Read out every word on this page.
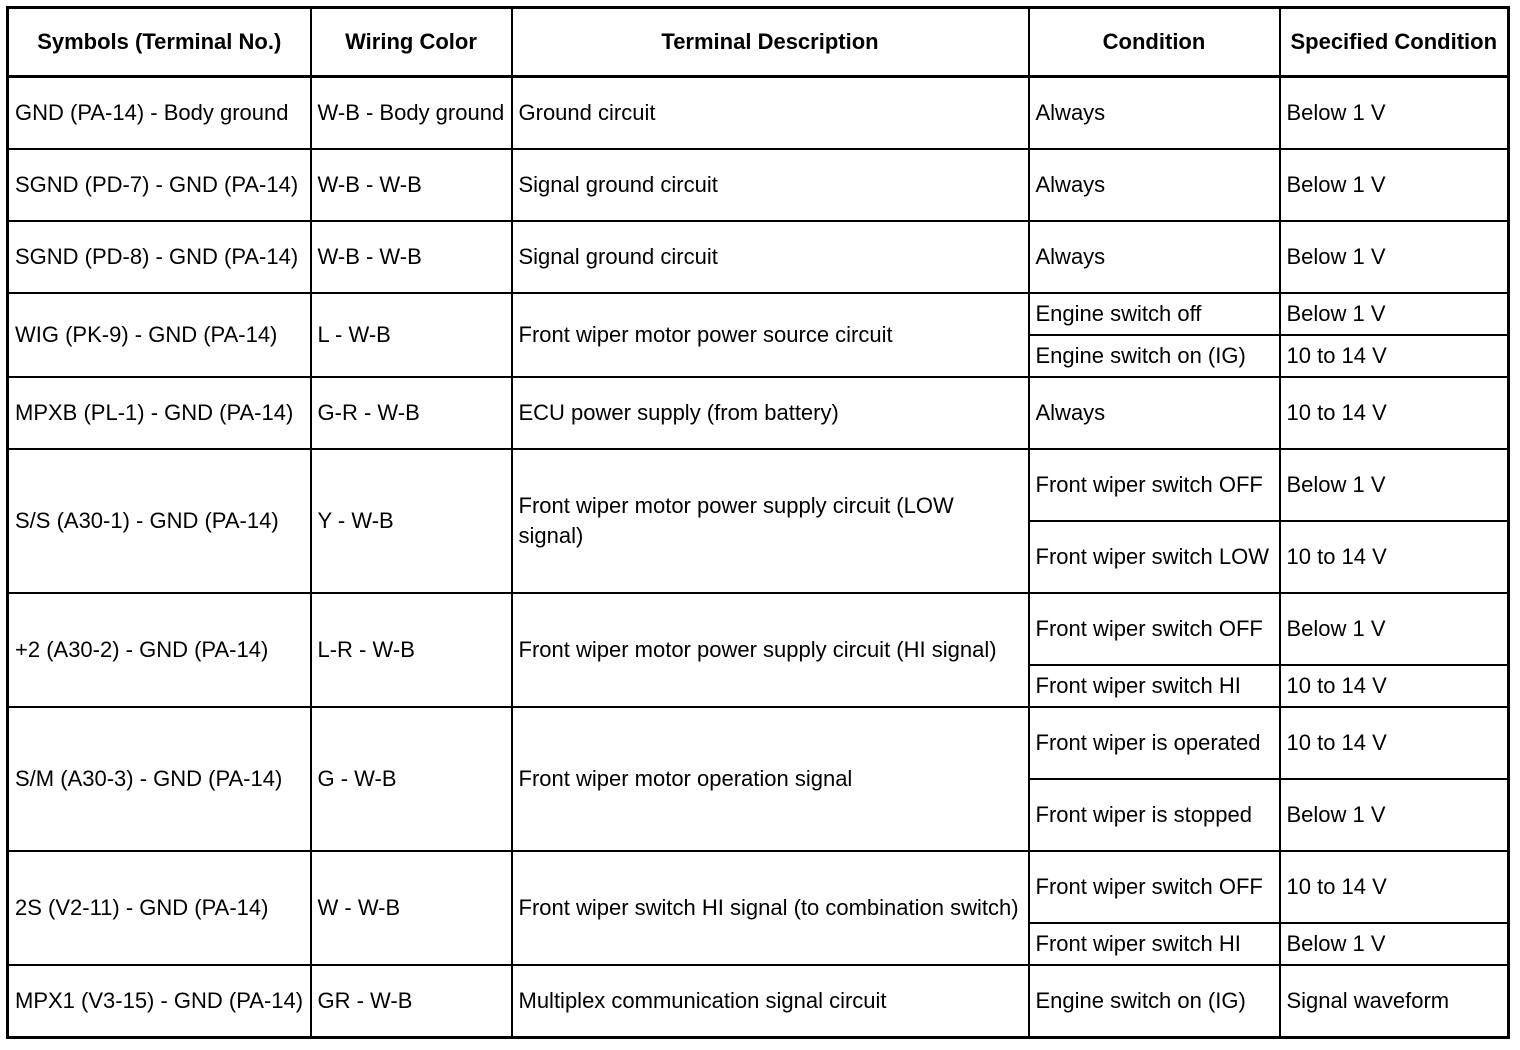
Symbols (Terminal No.)	Wiring Color	Terminal Description	Condition	Specified Condition
GND (PA-14) - Body ground	W-B - Body ground	Ground circuit	Always	Below 1 V
SGND (PD-7) - GND (PA-14)	W-B - W-B	Signal ground circuit	Always	Below 1 V
SGND (PD-8) - GND (PA-14)	W-B - W-B	Signal ground circuit	Always	Below 1 V
WIG (PK-9) - GND (PA-14)	L - W-B	Front wiper motor power source circuit	Engine switch off	Below 1 V
			Engine switch on (IG)	10 to 14 V
MPXB (PL-1) - GND (PA-14)	G-R - W-B	ECU power supply (from battery)	Always	10 to 14 V
S/S (A30-1) - GND (PA-14)	Y - W-B	Front wiper motor power supply circuit (LOW signal)	Front wiper switch OFF	Below 1 V
			Front wiper switch LOW	10 to 14 V
+2 (A30-2) - GND (PA-14)	L-R - W-B	Front wiper motor power supply circuit (HI signal)	Front wiper switch OFF	Below 1 V
			Front wiper switch HI	10 to 14 V
S/M (A30-3) - GND (PA-14)	G - W-B	Front wiper motor operation signal	Front wiper is operated	10 to 14 V
			Front wiper is stopped	Below 1 V
2S (V2-11) - GND (PA-14)	W - W-B	Front wiper switch HI signal (to combination switch)	Front wiper switch OFF	10 to 14 V
			Front wiper switch HI	Below 1 V
MPX1 (V3-15) - GND (PA-14)	GR - W-B	Multiplex communication signal circuit	Engine switch on (IG)	Signal waveform
